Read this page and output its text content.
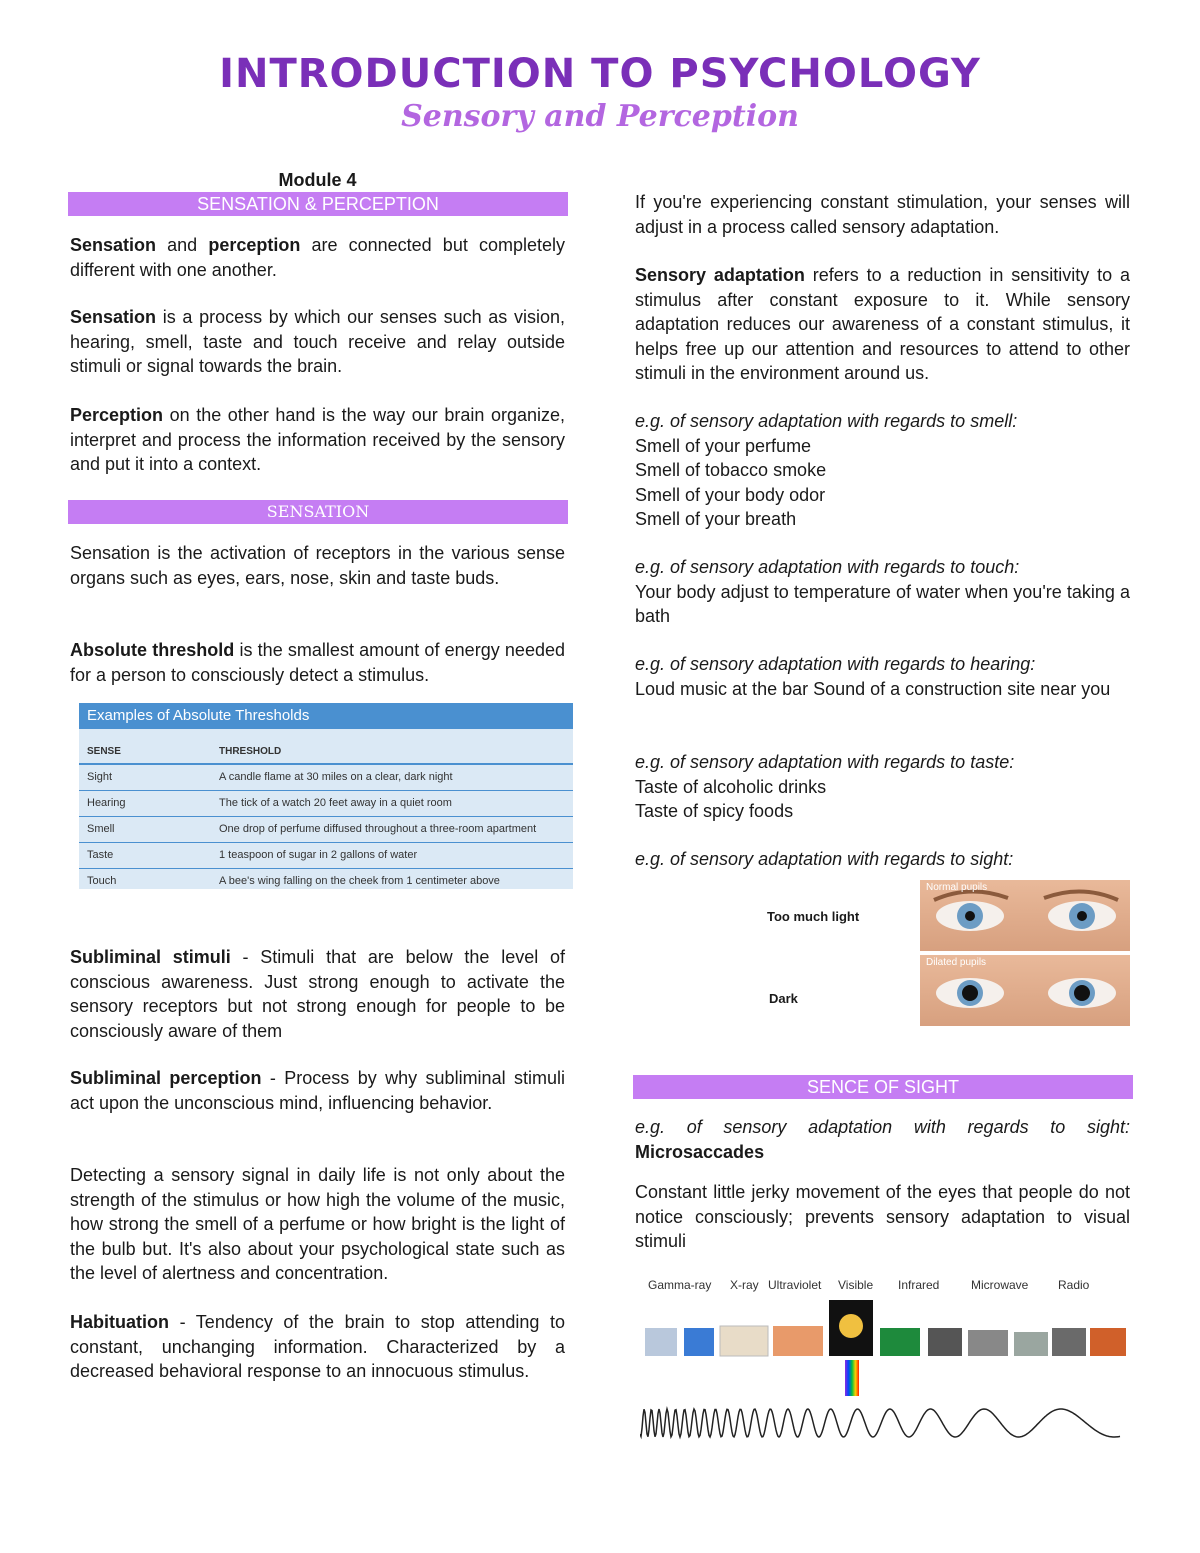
INTRODUCTION TO PSYCHOLOGY
Sensory and Perception

Module 4

SENSATION & PERCEPTION

Sensation and perception are connected but completely different with one another.

Sensation is a process by which our senses such as vision, hearing, smell, taste and touch receive and relay outside stimuli or signal towards the brain.

Perception on the other hand is the way our brain organize, interpret and process the information received by the sensory and put it into a context.

SENSATION

Sensation is the activation of receptors in the various sense organs such as eyes, ears, nose, skin and taste buds.

Absolute threshold is the smallest amount of energy needed for a person to consciously detect a stimulus.

Subliminal stimuli - Stimuli that are below the level of conscious awareness. Just strong enough to activate the sensory receptors but not strong enough for people to be consciously aware of them

Subliminal perception - Process by why subliminal stimuli act upon the unconscious mind, influencing behavior.

Detecting a sensory signal in daily life is not only about the strength of the stimulus or how high the volume of the music, how strong the smell of a perfume or how bright is the light of the bulb but. It's also about your psychological state such as the level of alertness and concentration.

Habituation - Tendency of the brain to stop attending to constant, unchanging information. Characterized by a decreased behavioral response to an innocuous stimulus.

Examples of Absolute Thresholds
SENSE	THRESHOLD
Sight	A candle flame at 30 miles on a clear, dark night
Hearing	The tick of a watch 20 feet away in a quiet room
Smell	One drop of perfume diffused throughout a three-room apartment
Taste	1 teaspoon of sugar in 2 gallons of water
Touch	A bee's wing falling on the cheek from 1 centimeter above

If you're experiencing constant stimulation, your senses will adjust in a process called sensory adaptation.

Sensory adaptation refers to a reduction in sensitivity to a stimulus after constant exposure to it. While sensory adaptation reduces our awareness of a constant stimulus, it helps free up our attention and resources to attend to other stimuli in the environment around us.

e.g. of sensory adaptation with regards to smell:
Smell of your perfume
Smell of tobacco smoke
Smell of your body odor
Smell of your breath
e.g. of sensory adaptation with regards to touch:

Your body adjust to temperature of water when you're taking a bath

e.g. of sensory adaptation with regards to hearing:

Loud music at the bar Sound of a construction site near you

e.g. of sensory adaptation with regards to taste:
Taste of alcoholic drinks
Taste of spicy foods
e.g. of sensory adaptation with regards to sight:
SENCE OF SIGHT

e.g. of sensory adaptation with regards to sight: Microsaccades

Constant little jerky movement of the eyes that people do not notice consciously; prevents sensory adaptation to visual stimuli

Too much light
Dark
Normal pupils
Dilated pupils
Gamma-ray X-ray Ultraviolet Visible Infrared	Microwave Radio
